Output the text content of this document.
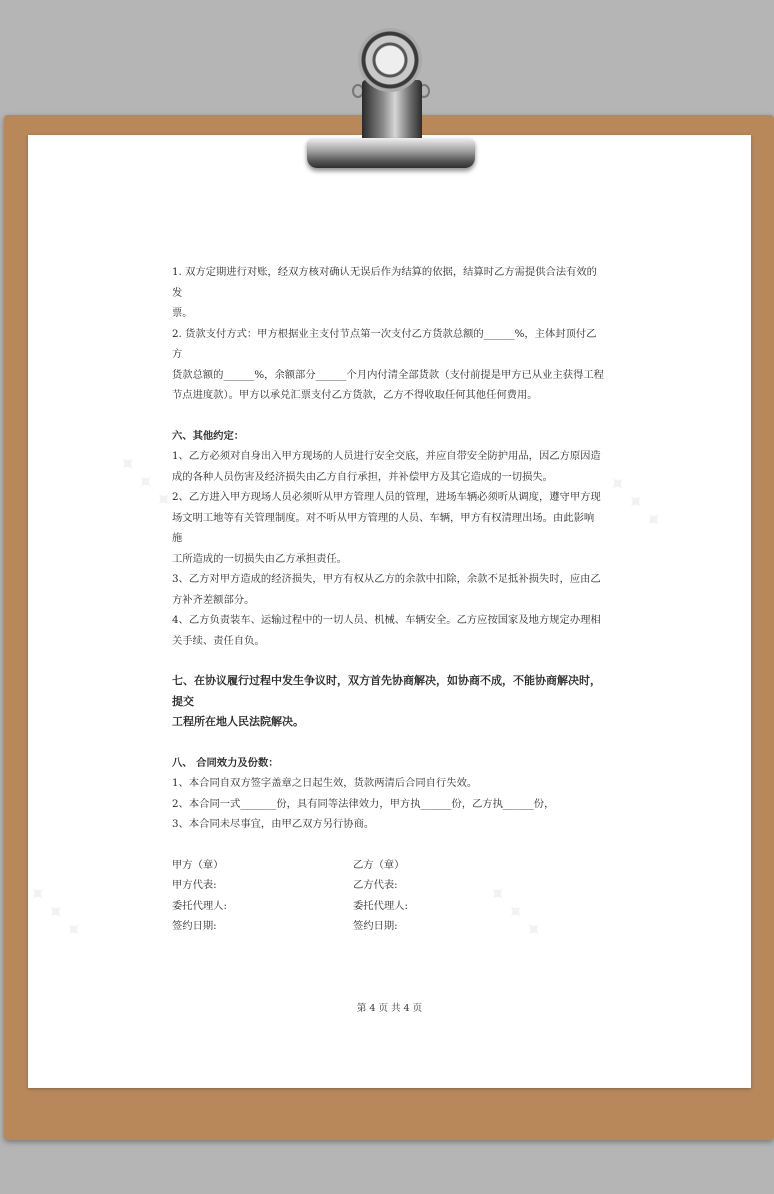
✦ ✦ ✦	✦ ✦ ✦
✦ ✦ ✦	✦ ✦ ✦

1. 双方定期进行对账，经双方核对确认无误后作为结算的依据，结算时乙方需提供合法有效的发

票。

2. 货款支付方式：甲方根据业主支付节点第一次支付乙方货款总额的______%，主体封顶付乙方

货款总额的______%，余额部分______个月内付清全部货款（支付前提是甲方已从业主获得工程

节点进度款）。甲方以承兑汇票支付乙方货款，乙方不得收取任何其他任何费用。

六、其他约定：

1、乙方必须对自身出入甲方现场的人员进行安全交底，并应自带安全防护用品，因乙方原因造

成的各种人员伤害及经济损失由乙方自行承担，并补偿甲方及其它造成的一切损失。

2、乙方进入甲方现场人员必须听从甲方管理人员的管理，进场车辆必须听从调度，遵守甲方现

场文明工地等有关管理制度。对不听从甲方管理的人员、车辆，甲方有权清理出场。由此影响施

工所造成的一切损失由乙方承担责任。

3、乙方对甲方造成的经济损失，甲方有权从乙方的余款中扣除，余款不足抵补损失时，应由乙

方补齐差额部分。

4、乙方负责装车、运输过程中的一切人员、机械、车辆安全。乙方应按国家及地方规定办理相

关手续、责任自负。

七、在协议履行过程中发生争议时，双方首先协商解决，如协商不成，不能协商解决时，提交

工程所在地人民法院解决。

八、 合同效力及份数：

1、本合同自双方签字盖章之日起生效，货款两清后合同自行失效。

2、本合同一式_______份，具有同等法律效力，甲方执______份，乙方执______份，

3、本合同未尽事宜，由甲乙双方另行协商。

甲方（章）	乙方（章）
甲方代表:	乙方代表:
委托代理人:	委托代理人:
签约日期:	签约日期:
第 4 页 共 4 页
